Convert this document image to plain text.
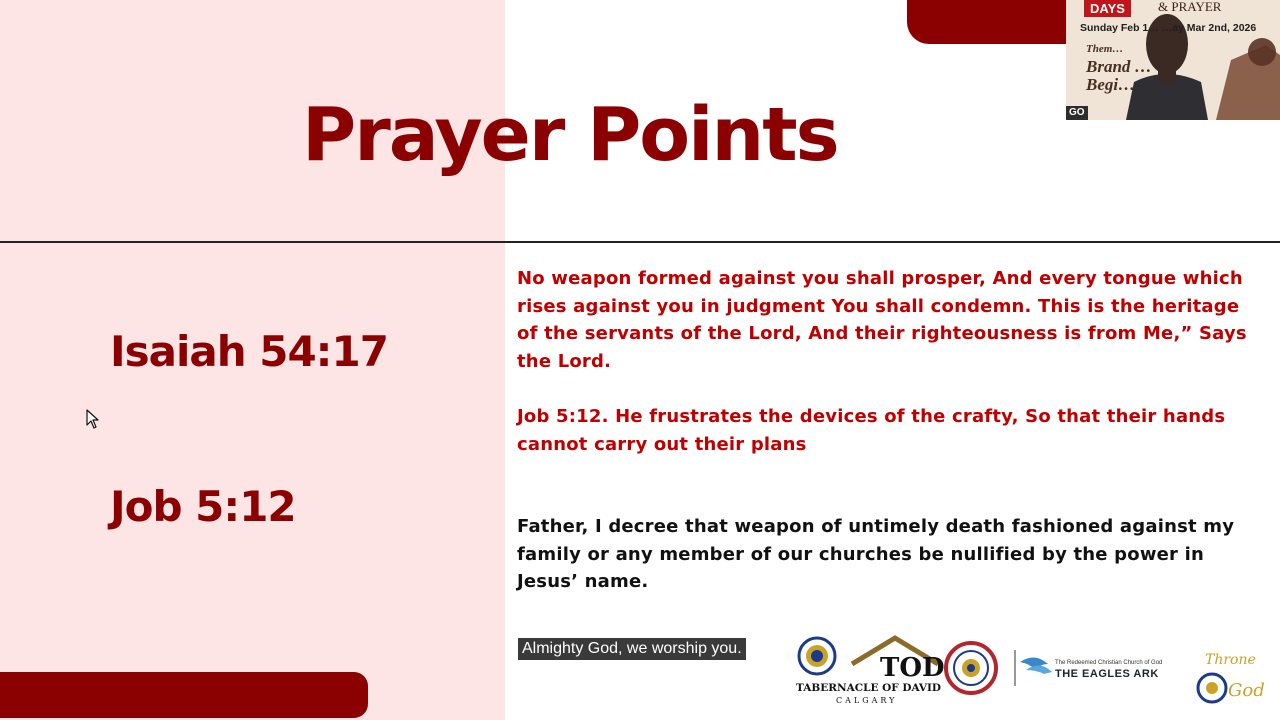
Prayer Points
Isaiah 54:17
Job 5:12

No weapon formed against you shall prosper, And every tongue which rises against you in judgment You shall condemn. This is the heritage of the servants of the Lord, And their righteousness is from Me,” Says the Lord.

Job 5:12. He frustrates the devices of the crafty, So that their hands cannot carry out their plans

Father, I decree that weapon of untimely death fashioned against my family or any member of our churches be nullified by the power in Jesus’ name.

Almighty God, we worship you.
DAYS	& PRAYER
Sunday Feb 1… …ay Mar 2nd, 2026
Them…
Brand …
Begi…
GO
TOD	Throne
God
TABERNACLE OF DAVID
CALGARY
The Redeemed Christian Church of God
THE EAGLES ARK
